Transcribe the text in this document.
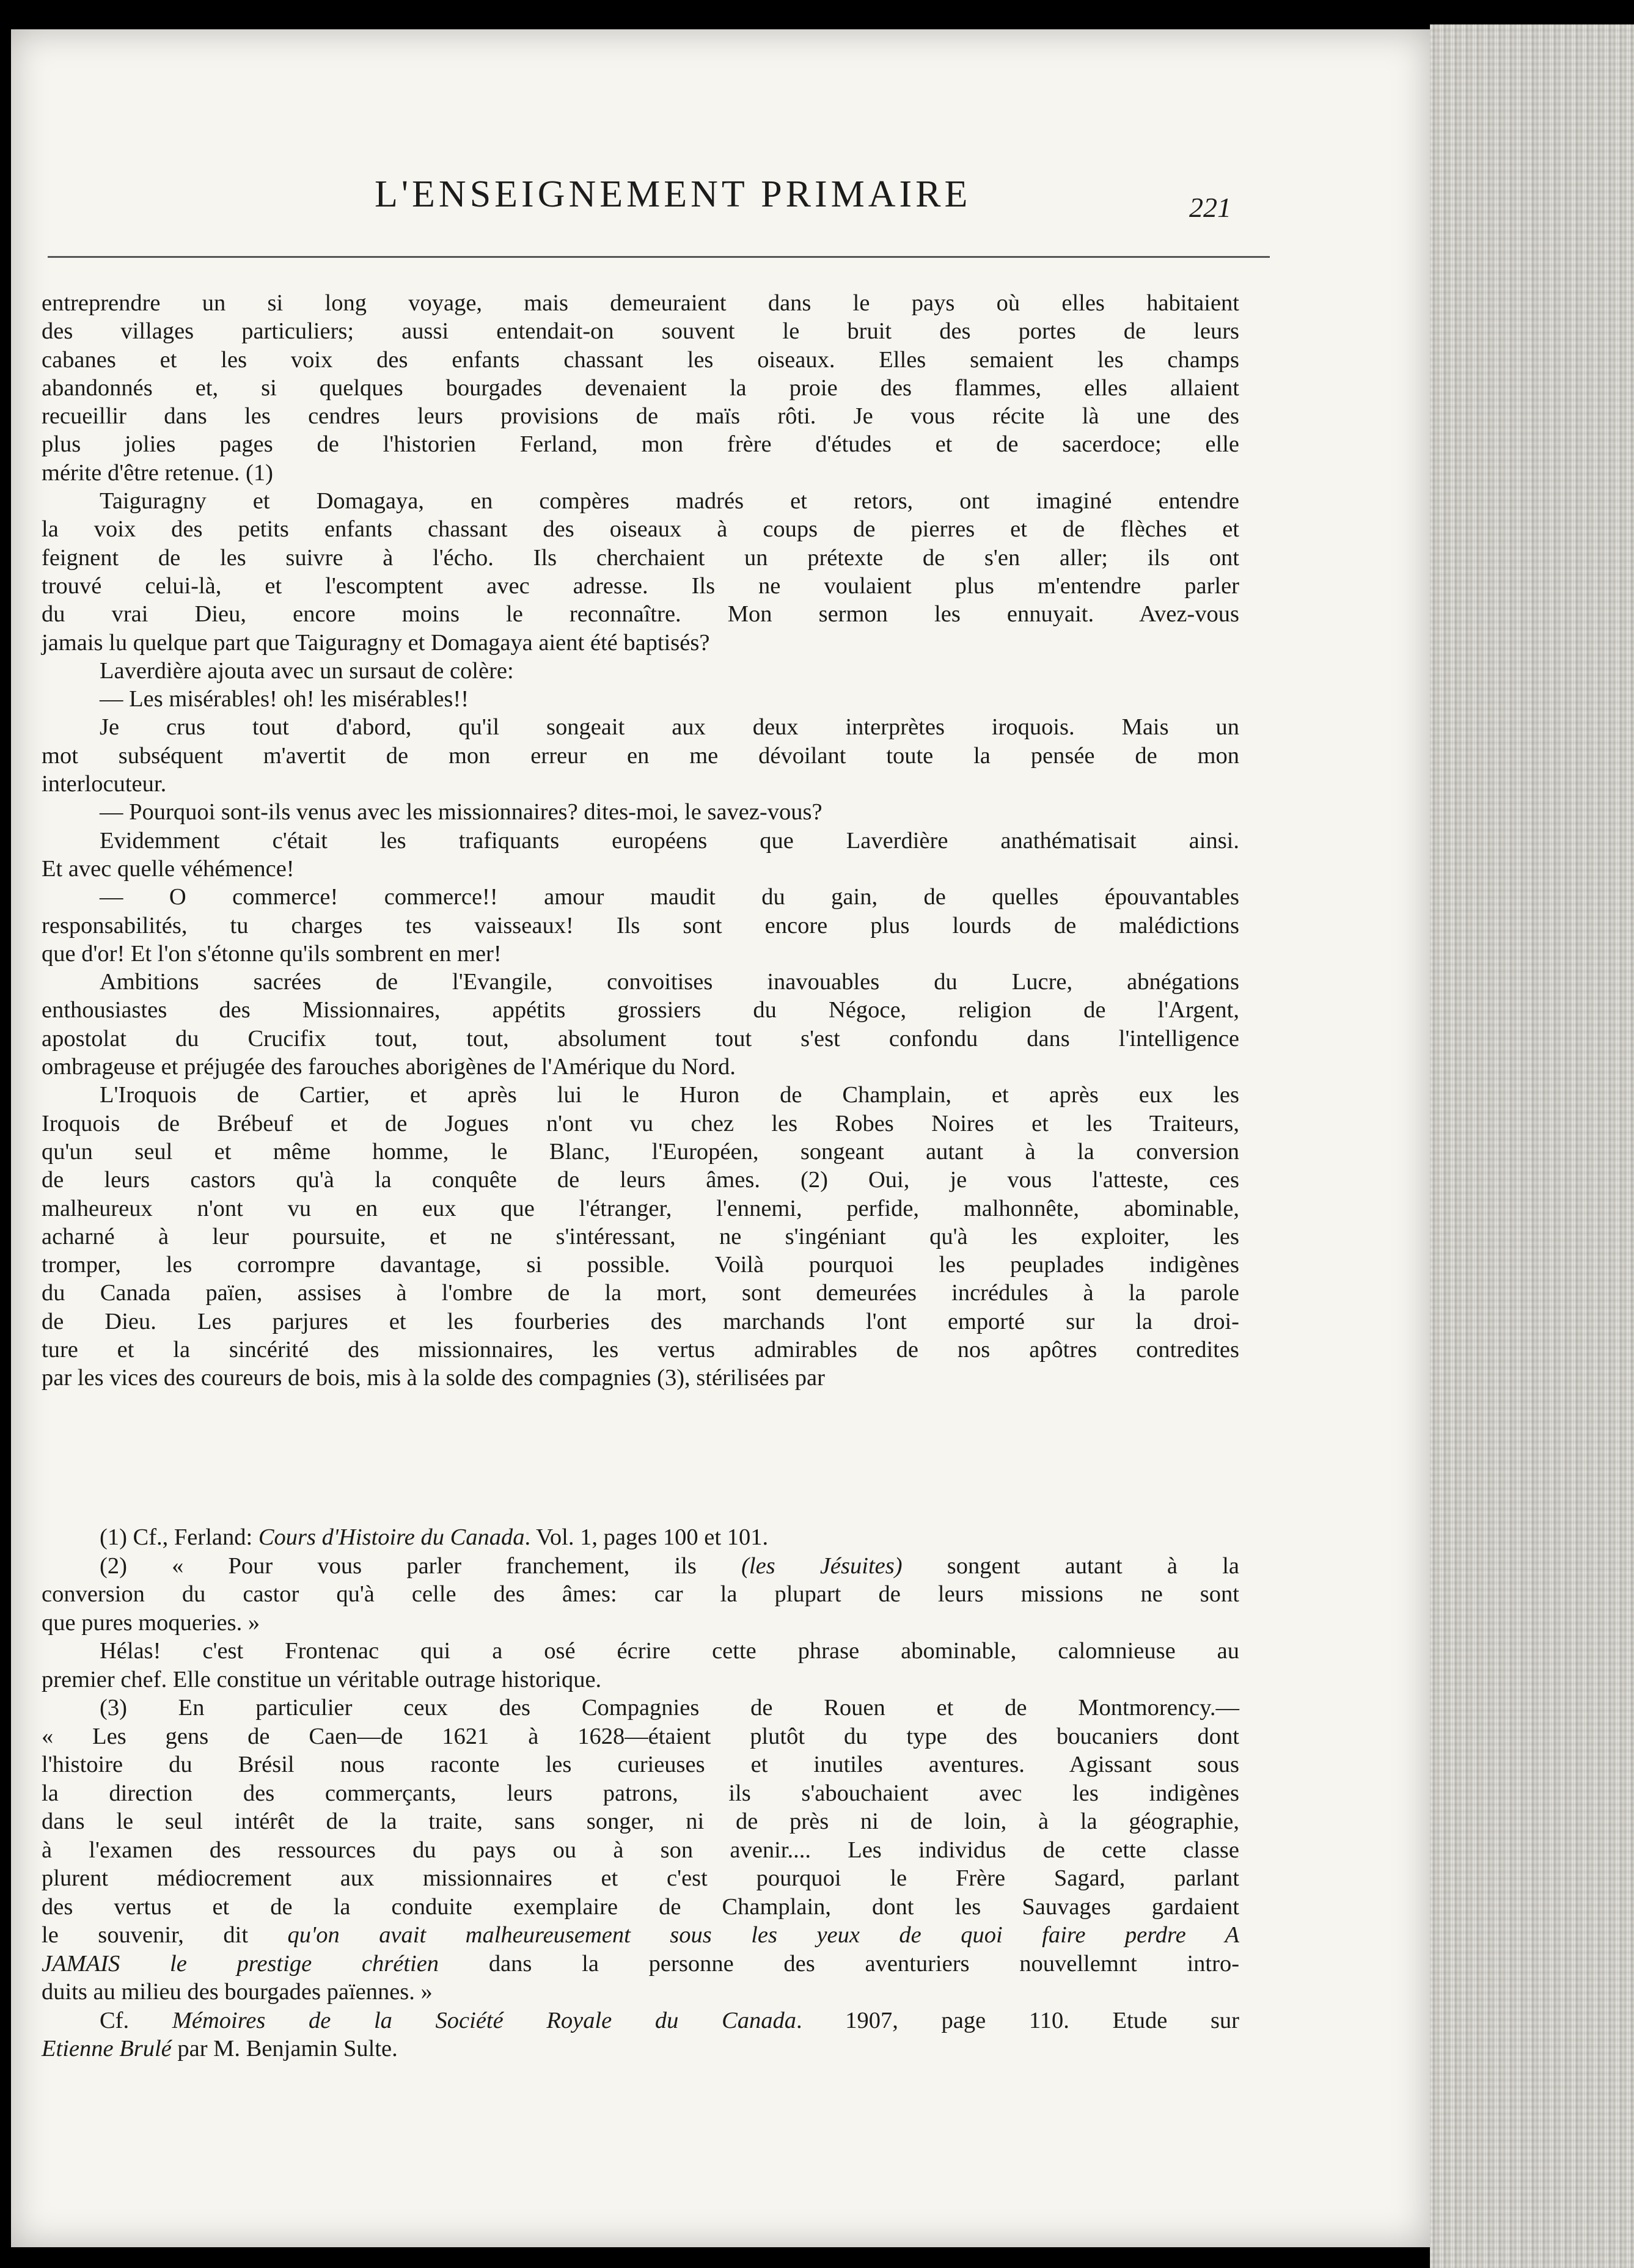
L'ENSEIGNEMENT PRIMAIRE	221

entreprendre un si long voyage, mais demeuraient dans le pays où elles habitaient

des villages particuliers; aussi entendait-on souvent le bruit des portes de leurs

cabanes et les voix des enfants chassant les oiseaux. Elles semaient les champs

abandonnés et, si quelques bourgades devenaient la proie des flammes, elles allaient

recueillir dans les cendres leurs provisions de maïs rôti. Je vous récite là une des

plus jolies pages de l'historien Ferland, mon frère d'études et de sacerdoce; elle

mérite d'être retenue. (1)

Taiguragny et Domagaya, en compères madrés et retors, ont imaginé entendre

la voix des petits enfants chassant des oiseaux à coups de pierres et de flèches et

feignent de les suivre à l'écho. Ils cherchaient un prétexte de s'en aller; ils ont

trouvé celui-là, et l'escomptent avec adresse. Ils ne voulaient plus m'entendre parler

du vrai Dieu, encore moins le reconnaître. Mon sermon les ennuyait. Avez-vous

jamais lu quelque part que Taiguragny et Domagaya aient été baptisés?

Laverdière ajouta avec un sursaut de colère:

— Les misérables! oh! les misérables!!

Je crus tout d'abord, qu'il songeait aux deux interprètes iroquois. Mais un

mot subséquent m'avertit de mon erreur en me dévoilant toute la pensée de mon

interlocuteur.

— Pourquoi sont-ils venus avec les missionnaires? dites-moi, le savez-vous?

Evidemment c'était les trafiquants européens que Laverdière anathématisait ainsi.

Et avec quelle véhémence!

— O commerce! commerce!! amour maudit du gain, de quelles épouvantables

responsabilités, tu charges tes vaisseaux! Ils sont encore plus lourds de malédictions

que d'or! Et l'on s'étonne qu'ils sombrent en mer!

Ambitions sacrées de l'Evangile, convoitises inavouables du Lucre, abnégations

enthousiastes des Missionnaires, appétits grossiers du Négoce, religion de l'Argent,

apostolat du Crucifix tout, tout, absolument tout s'est confondu dans l'intelligence

ombrageuse et préjugée des farouches aborigènes de l'Amérique du Nord.

L'Iroquois de Cartier, et après lui le Huron de Champlain, et après eux les

Iroquois de Brébeuf et de Jogues n'ont vu chez les Robes Noires et les Traiteurs,

qu'un seul et même homme, le Blanc, l'Européen, songeant autant à la conversion

de leurs castors qu'à la conquête de leurs âmes. (2) Oui, je vous l'atteste, ces

malheureux n'ont vu en eux que l'étranger, l'ennemi, perfide, malhonnête, abominable,

acharné à leur poursuite, et ne s'intéressant, ne s'ingéniant qu'à les exploiter, les

tromper, les corrompre davantage, si possible. Voilà pourquoi les peuplades indigènes

du Canada païen, assises à l'ombre de la mort, sont demeurées incrédules à la parole

de Dieu. Les parjures et les fourberies des marchands l'ont emporté sur la droi-

ture et la sincérité des missionnaires, les vertus admirables de nos apôtres contredites

par les vices des coureurs de bois, mis à la solde des compagnies (3), stérilisées par

(1) Cf., Ferland: Cours d'Histoire du Canada. Vol. 1, pages 100 et 101.

(2) « Pour vous parler franchement, ils (les Jésuites) songent autant à la

conversion du castor qu'à celle des âmes: car la plupart de leurs missions ne sont

que pures moqueries. »

Hélas! c'est Frontenac qui a osé écrire cette phrase abominable, calomnieuse au

premier chef. Elle constitue un véritable outrage historique.

(3) En particulier ceux des Compagnies de Rouen et de Montmorency.—

« Les gens de Caen—de 1621 à 1628—étaient plutôt du type des boucaniers dont

l'histoire du Brésil nous raconte les curieuses et inutiles aventures. Agissant sous

la direction des commerçants, leurs patrons, ils s'abouchaient avec les indigènes

dans le seul intérêt de la traite, sans songer, ni de près ni de loin, à la géographie,

à l'examen des ressources du pays ou à son avenir.... Les individus de cette classe

plurent médiocrement aux missionnaires et c'est pourquoi le Frère Sagard, parlant

des vertus et de la conduite exemplaire de Champlain, dont les Sauvages gardaient

le souvenir, dit qu'on avait malheureusement sous les yeux de quoi faire perdre A

JAMAIS le prestige chrétien dans la personne des aventuriers nouvellemnt intro-

duits au milieu des bourgades païennes. »

Cf. Mémoires de la Société Royale du Canada. 1907, page 110. Etude sur

Etienne Brulé par M. Benjamin Sulte.
